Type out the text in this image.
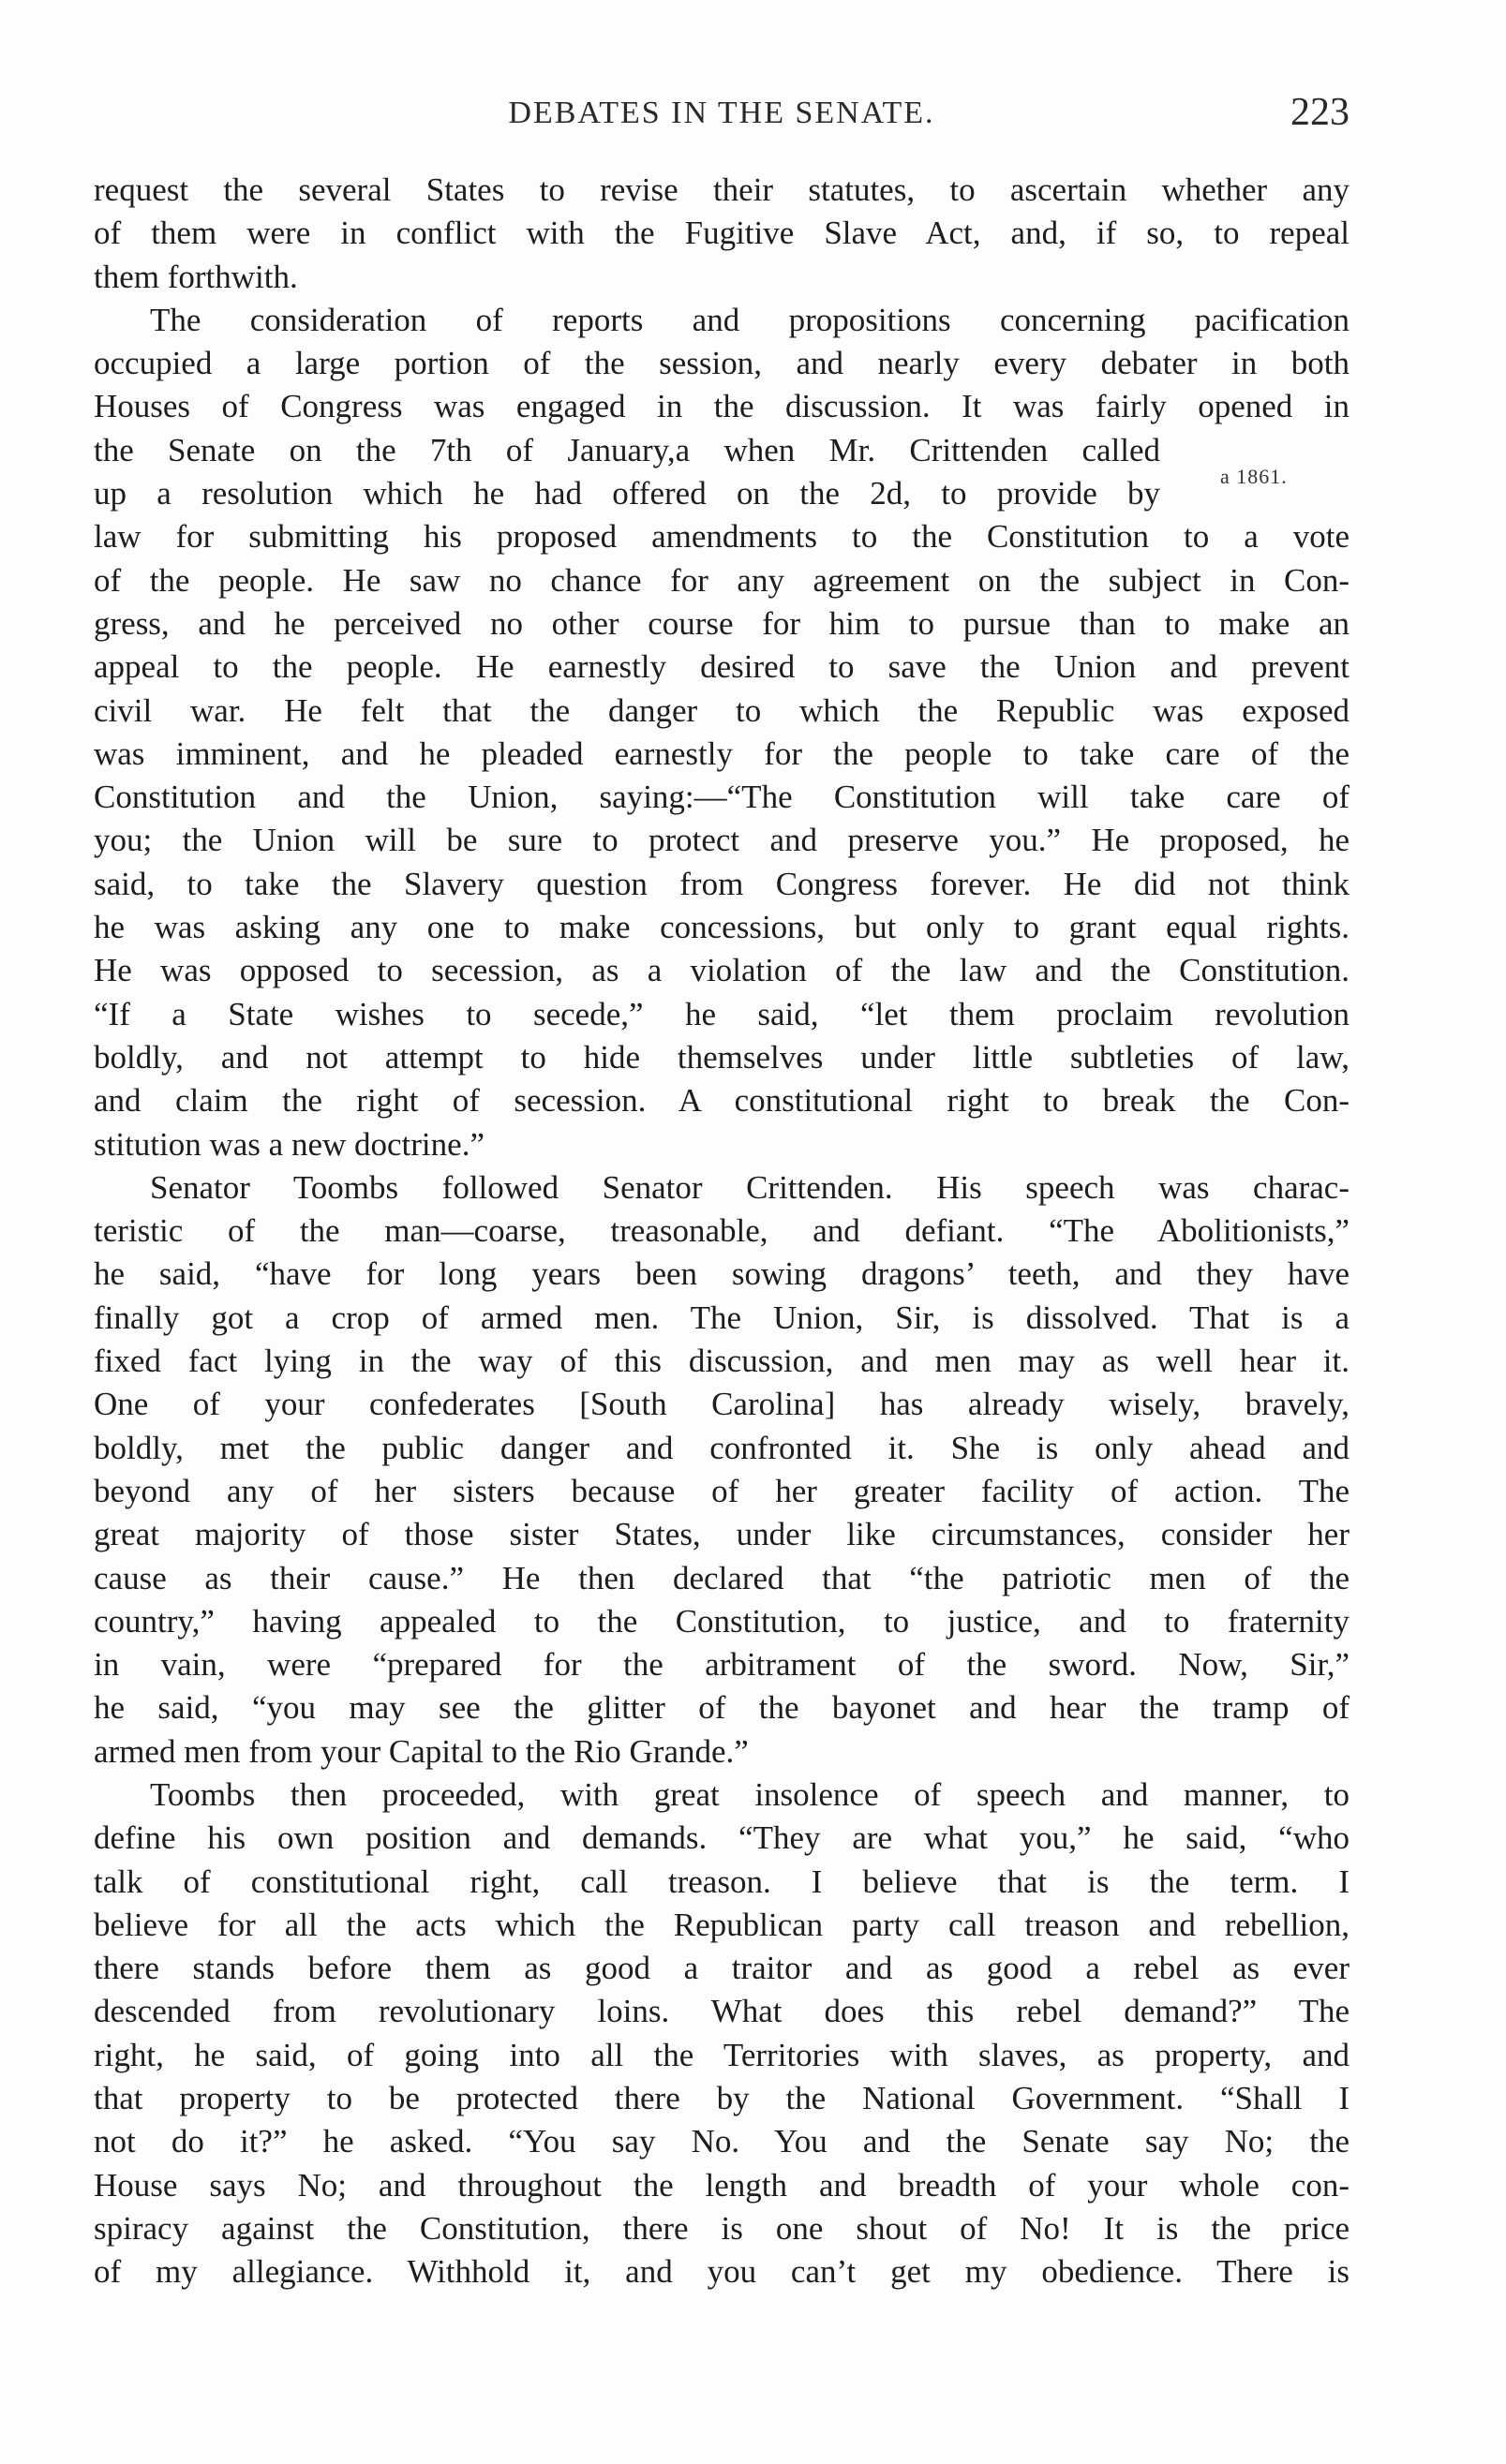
DEBATES IN THE SENATE.	223
a 1861.
request the several States to revise their statutes, to ascertain whether any
of them were in conflict with the Fugitive Slave Act, and, if so, to repeal
them forthwith.
The consideration of reports and propositions concerning pacification
occupied a large portion of the session, and nearly every debater in both
Houses of Congress was engaged in the discussion. It was fairly opened in
the Senate on the 7th of January,a when Mr. Crittenden called
up a resolution which he had offered on the 2d, to provide by
law for submitting his proposed amendments to the Constitution to a vote
of the people. He saw no chance for any agreement on the subject in Con-
gress, and he perceived no other course for him to pursue than to make an
appeal to the people. He earnestly desired to save the Union and prevent
civil war. He felt that the danger to which the Republic was exposed
was imminent, and he pleaded earnestly for the people to take care of the
Constitution and the Union, saying:—“The Constitution will take care of
you; the Union will be sure to protect and preserve you.” He proposed, he
said, to take the Slavery question from Congress forever. He did not think
he was asking any one to make concessions, but only to grant equal rights.
He was opposed to secession, as a violation of the law and the Constitution.
“If a State wishes to secede,” he said, “let them proclaim revolution
boldly, and not attempt to hide themselves under little subtleties of law,
and claim the right of secession. A constitutional right to break the Con-
stitution was a new doctrine.”
Senator Toombs followed Senator Crittenden. His speech was charac-
teristic of the man—coarse, treasonable, and defiant. “The Abolitionists,”
he said, “have for long years been sowing dragons’ teeth, and they have
finally got a crop of armed men. The Union, Sir, is dissolved. That is a
fixed fact lying in the way of this discussion, and men may as well hear it.
One of your confederates [South Carolina] has already wisely, bravely,
boldly, met the public danger and confronted it. She is only ahead and
beyond any of her sisters because of her greater facility of action. The
great majority of those sister States, under like circumstances, consider her
cause as their cause.” He then declared that “the patriotic men of the
country,” having appealed to the Constitution, to justice, and to fraternity
in vain, were “prepared for the arbitrament of the sword. Now, Sir,”
he said, “you may see the glitter of the bayonet and hear the tramp of
armed men from your Capital to the Rio Grande.”
Toombs then proceeded, with great insolence of speech and manner, to
define his own position and demands. “They are what you,” he said, “who
talk of constitutional right, call treason. I believe that is the term. I
believe for all the acts which the Republican party call treason and rebellion,
there stands before them as good a traitor and as good a rebel as ever
descended from revolutionary loins. What does this rebel demand?” The
right, he said, of going into all the Territories with slaves, as property, and
that property to be protected there by the National Government. “Shall I
not do it?” he asked. “You say No. You and the Senate say No; the
House says No; and throughout the length and breadth of your whole con-
spiracy against the Constitution, there is one shout of No! It is the price
of my allegiance. Withhold it, and you can’t get my obedience. There is
